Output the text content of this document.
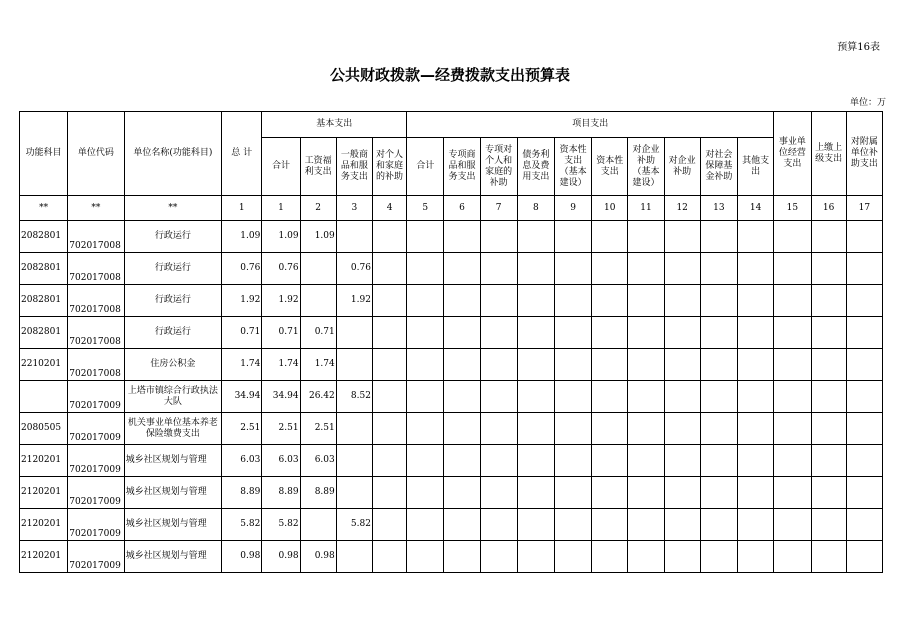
预算16表
公共财政拨款—经费拨款支出预算表
单位：万
功能科目	单位代码	单位名称(功能科目)	总 计	基本支出				项目支出										事业单位经营支出	上缴上级支出	对附属单位补助支出
				合计	工资福利支出	一般商品和服务支出	对个人和家庭的补助	合计	专项商品和服务支出	专项对个人和家庭的补助	债务利息及费用支出	资本性支出（基本建设）	资本性支出	对企业补助（基本建设）	对企业补助	对社会保障基金补助	其他支出			
**	**	**	1	1	2	3	4	5	6	7	8	9	10	11	12	13	14	15	16	17
2082801	702017008	行政运行	1.09	1.09	1.09															
2082801	702017008	行政运行	0.76	0.76		0.76														
2082801	702017008	行政运行	1.92	1.92		1.92														
2082801	702017008	行政运行	0.71	0.71	0.71															
2210201	702017008	住房公积金	1.74	1.74	1.74															
	702017009	上塔市镇综合行政执法大队	34.94	34.94	26.42	8.52														
2080505	702017009	机关事业单位基本养老保险缴费支出	2.51	2.51	2.51															
2120201	702017009	城乡社区规划与管理	6.03	6.03	6.03															
2120201	702017009	城乡社区规划与管理	8.89	8.89	8.89															
2120201	702017009	城乡社区规划与管理	5.82	5.82		5.82														
2120201	702017009	城乡社区规划与管理	0.98	0.98	0.98															
